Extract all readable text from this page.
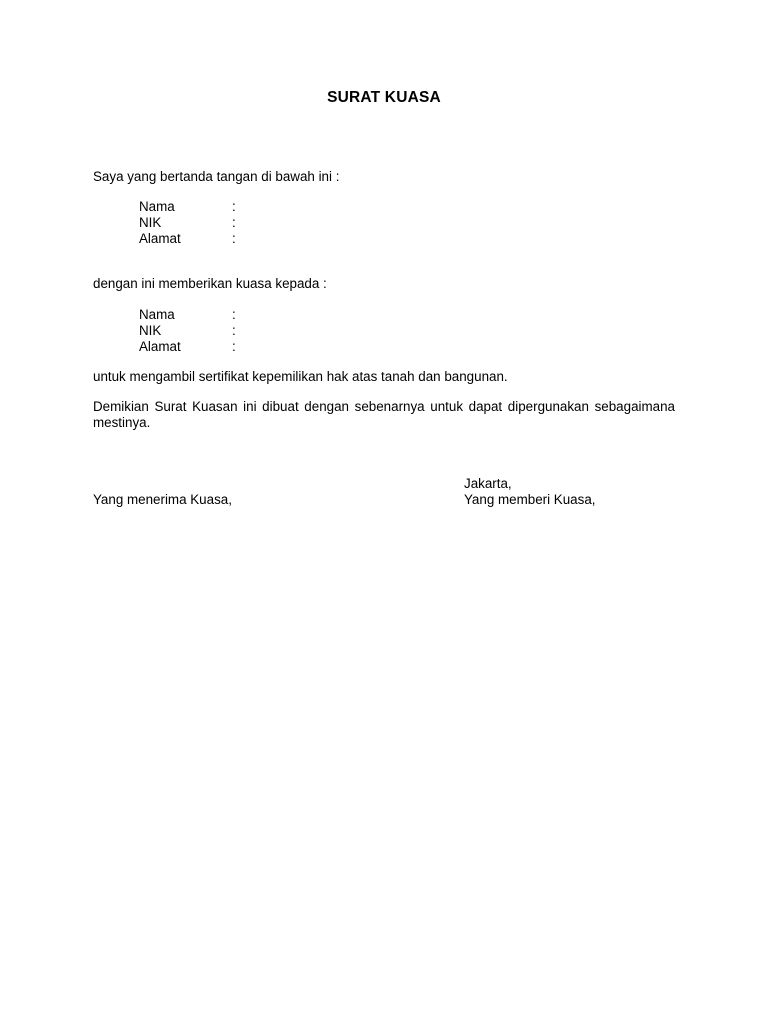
SURAT KUASA
Saya yang bertanda tangan di bawah ini :
Nama	:
NIK	:
Alamat	:
dengan ini memberikan kuasa kepada :
Nama	:
NIK	:
Alamat	:
untuk mengambil sertifikat kepemilikan hak atas tanah dan bangunan.
Demikian Surat Kuasan ini dibuat dengan sebenarnya untuk dapat dipergunakan sebagaimana mestinya.
Jakarta,
Yang menerima Kuasa,	Yang memberi Kuasa,
